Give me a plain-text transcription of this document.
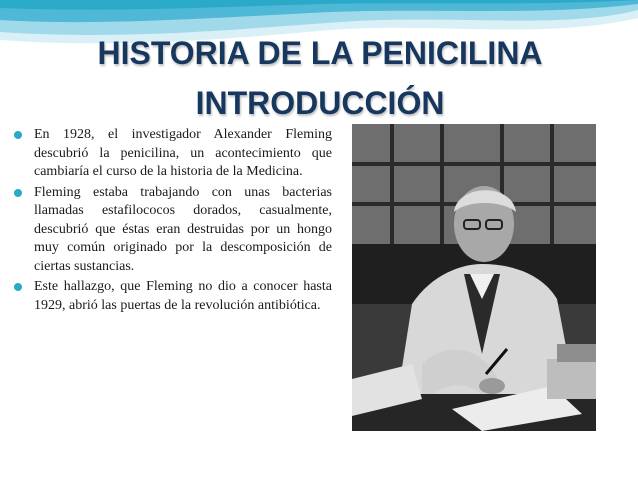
HISTORIA DE LA PENICILINA
INTRODUCCIÓN
En 1928, el investigador Alexander Fleming descubrió la penicilina, un acontecimiento que cambiaría el curso de la historia de la Medicina.
Fleming estaba trabajando con unas bacterias llamadas estafilococos dorados, casualmente, descubrió que éstas eran destruidas por un hongo muy común originado por la descomposición de ciertas sustancias.
Este hallazgo, que Fleming no dio a conocer hasta 1929, abrió las puertas de la revolución antibiótica.
